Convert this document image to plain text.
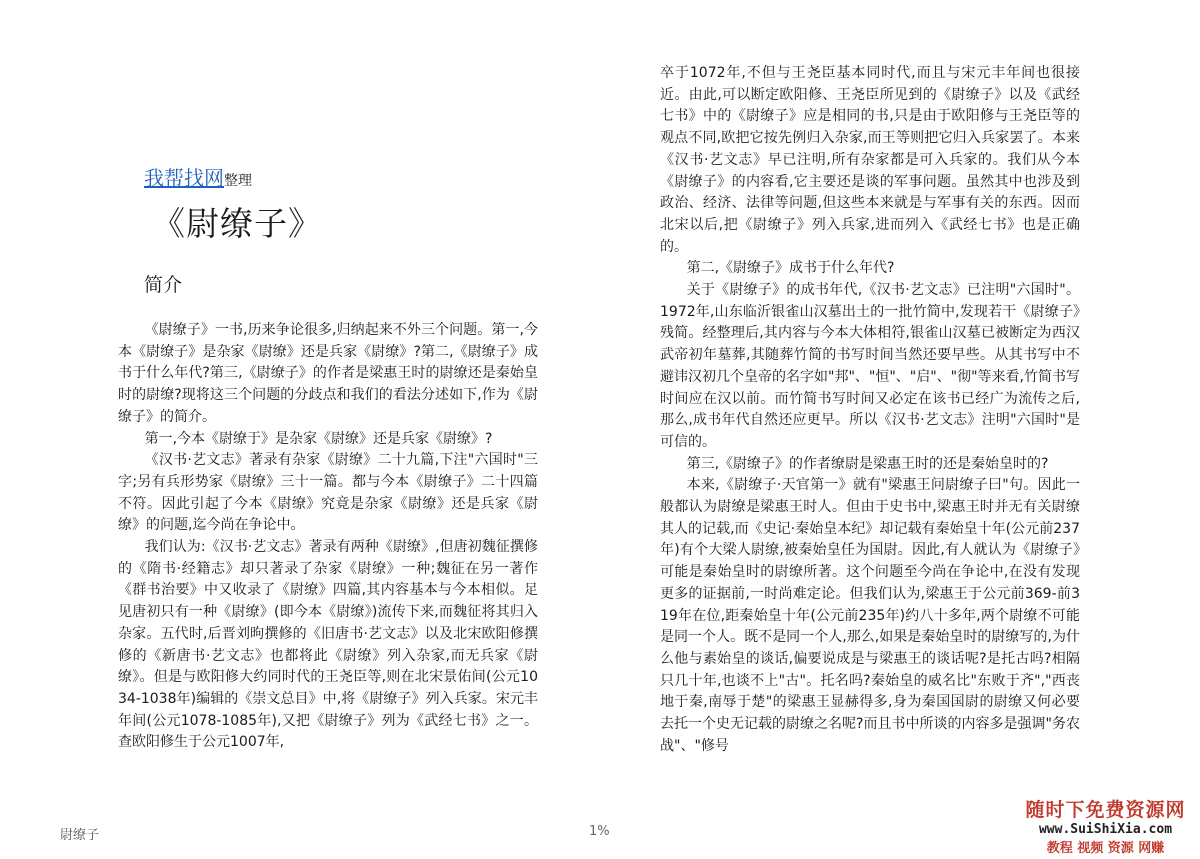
我帮找网整理
《尉缭子》
简介

《尉缭子》一书,历来争论很多,归纳起来不外三个问题。第一,今本《尉缭子》是杂家《尉缭》还是兵家《尉缭》?第二,《尉缭子》成书于什么年代?第三,《尉缭子》的作者是梁惠王时的尉缭还是秦始皇时的尉缭?现将这三个问题的分歧点和我们的看法分述如下,作为《尉缭子》的简介。

第一,今本《尉缭于》是杂家《尉缭》还是兵家《尉缭》?

《汉书·艺文志》著录有杂家《尉缭》二十九篇,下注"六国时"三字;另有兵形势家《尉缭》三十一篇。都与今本《尉缭子》二十四篇不符。因此引起了今本《尉缭》究竟是杂家《尉缭》还是兵家《尉缭》的问题,迄今尚在争论中。

我们认为:《汉书·艺文志》著录有两种《尉缭》,但唐初魏征撰修的《隋书·经籍志》却只著录了杂家《尉缭》一种;魏征在另一著作《群书治要》中又收录了《尉缭》四篇,其内容基本与今本相似。足见唐初只有一种《尉缭》(即今本《尉缭》)流传下来,而魏征将其归入杂家。五代时,后晋刘昫撰修的《旧唐书·艺文志》以及北宋欧阳修撰修的《新唐书·艺文志》也都将此《尉缭》列入杂家,而无兵家《尉缭》。但是与欧阳修大约同时代的王尧臣等,则在北宋景佑间(公元1034-1038年)编辑的《崇文总目》中,将《尉缭子》列入兵家。宋元丰年间(公元1078-1085年),又把《尉缭子》列为《武经七书》之一。查欧阳修生于公元1007年,

卒于1072年,不但与王尧臣基本同时代,而且与宋元丰年间也很接近。由此,可以断定欧阳修、王尧臣所见到的《尉缭子》以及《武经七书》中的《尉缭子》应是相同的书,只是由于欧阳修与王尧臣等的观点不同,欧把它按先例归入杂家,而王等则把它归入兵家罢了。本来《汉书·艺文志》早已注明,所有杂家都是可入兵家的。我们从今本《尉缭子》的内容看,它主要还是谈的军事问题。虽然其中也涉及到政治、经济、法律等问题,但这些本来就是与军事有关的东西。因而北宋以后,把《尉缭子》列入兵家,进而列入《武经七书》也是正确的。

第二,《尉缭子》成书于什么年代?

关于《尉缭子》的成书年代,《汉书·艺文志》已注明"六国时"。1972年,山东临沂银雀山汉墓出土的一批竹简中,发现若干《尉缭子》残简。经整理后,其内容与今本大体相符,银雀山汉墓已被断定为西汉武帝初年墓葬,其随葬竹简的书写时间当然还要早些。从其书写中不避讳汉初几个皇帝的名字如"邦"、"恒"、"启"、"彻"等来看,竹简书写时间应在汉以前。而竹简书写时间又必定在该书已经广为流传之后,那么,成书年代自然还应更早。所以《汉书·艺文志》注明"六国时"是可信的。

第三,《尉缭子》的作者缭尉是梁惠王时的还是秦始皇时的?

本来,《尉缭子·天官第一》就有"梁惠王问尉缭子曰"句。因此一般都认为尉缭是梁惠王时人。但由于史书中,梁惠王时并无有关尉缭其人的记载,而《史记·秦始皇本纪》却记载有秦始皇十年(公元前237年)有个大梁人尉缭,被秦始皇任为国尉。因此,有人就认为《尉缭子》可能是秦始皇时的尉缭所著。这个问题至今尚在争论中,在没有发现更多的证据前,一时尚难定论。但我们认为,梁惠王于公元前369-前319年在位,距秦始皇十年(公元前235年)约八十多年,两个尉缭不可能是同一个人。既不是同一个人,那么,如果是秦始皇时的尉缭写的,为什么他与素始皇的谈话,偏要说成是与梁惠王的谈话呢?是托古吗?相隔只几十年,也谈不上"古"。托名吗?秦始皇的威名比"东败于齐","西丧地于秦,南辱于楚"的梁惠王显赫得多,身为秦国国尉的尉缭又何必要去托一个史无记载的尉缭之名呢?而且书中所谈的内容多是强调"务农战"、"修号

尉缭子	1%
随时下免费资源网
www.SuiShiXia.com
教程 视频 资源 网赚
